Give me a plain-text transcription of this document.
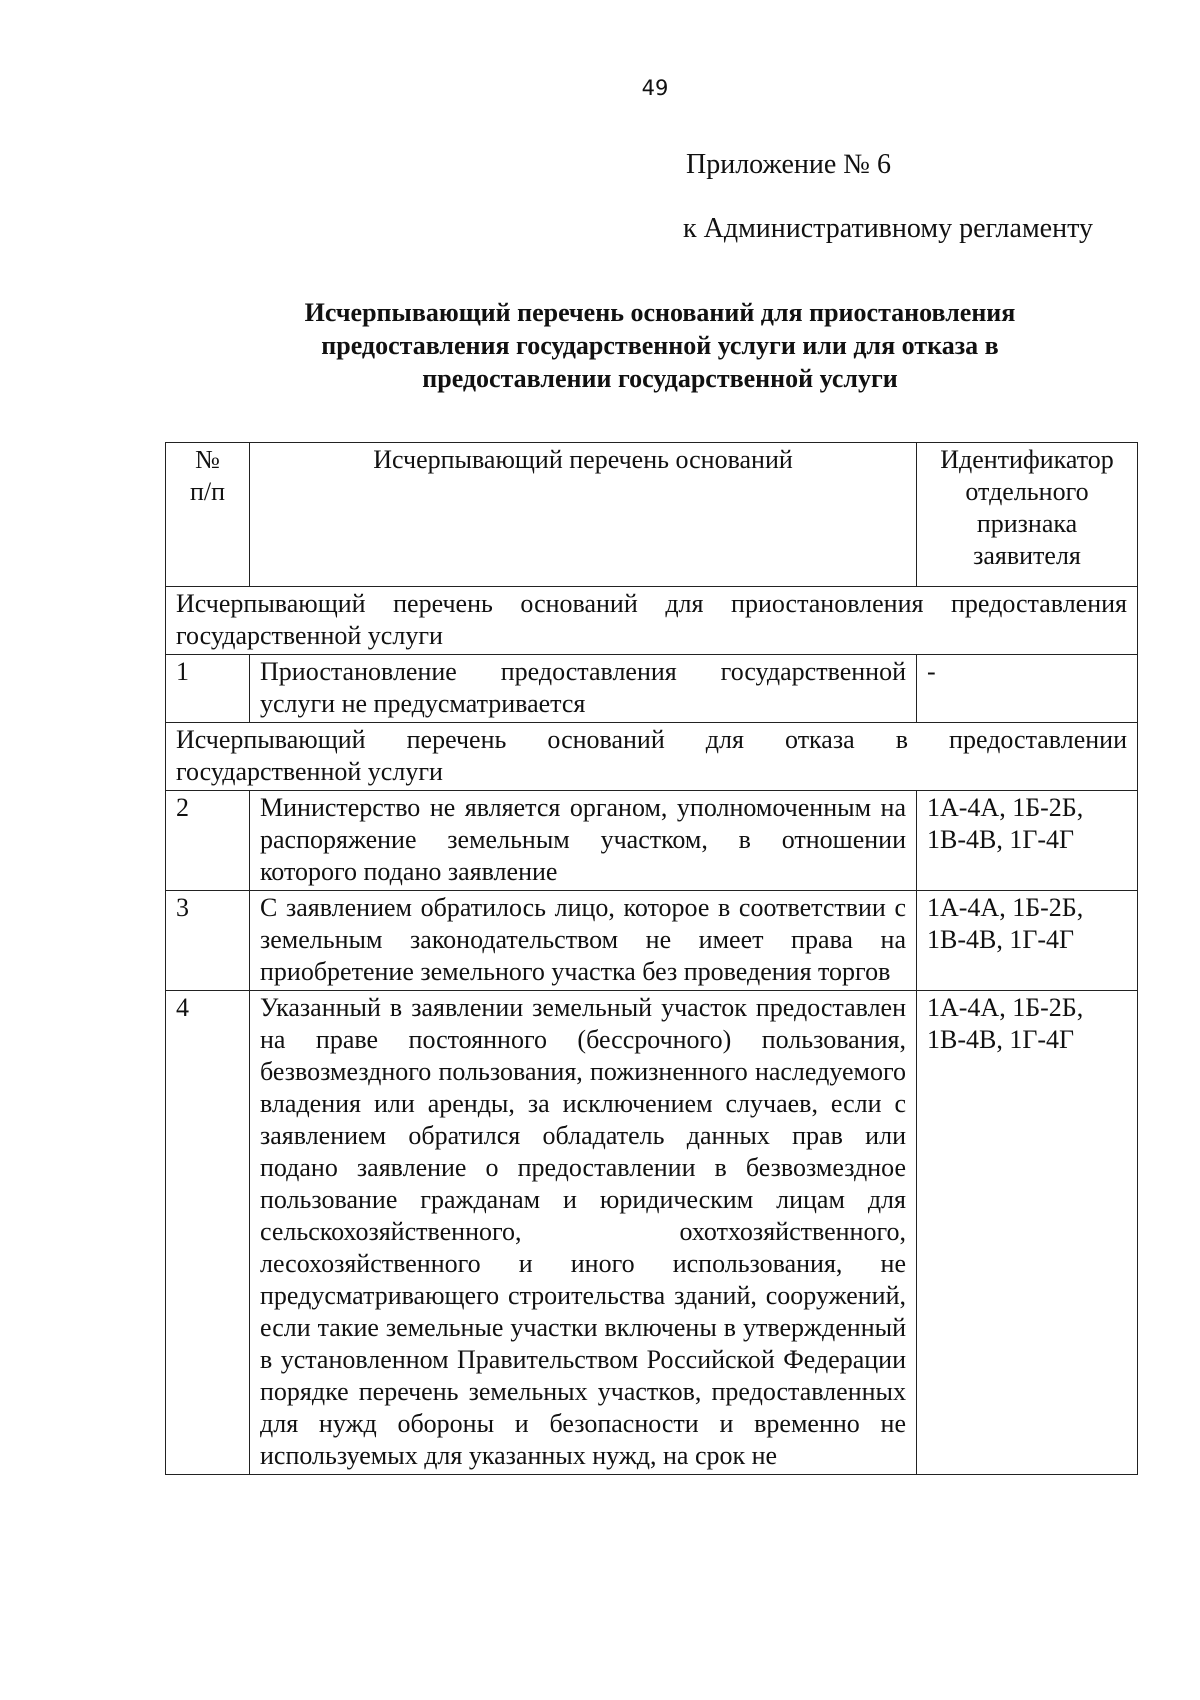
49
Приложение № 6
к Административному регламенту
Исчерпывающий перечень оснований для приостановления
предоставления государственной услуги или для отказа в
предоставлении государственной услуги
№
п/п	Исчерпывающий перечень оснований	Идентификатор отдельного признака заявителя
Исчерпывающий перечень оснований для приостановления предоставления
государственной услуги		

1	Приостановление предоставления государственной услуги не предусматривается	-
Исчерпывающий перечень оснований для отказа в предоставлении
государственной услуги		

2	Министерство не является органом, уполномоченным на распоряжение земельным участком, в отношении которого подано заявление	1А-4А, 1Б-2Б, 1В-4В, 1Г-4Г
3	С заявлением обратилось лицо, которое в соответствии с земельным законодательством не имеет права на приобретение земельного участка без проведения торгов	1А-4А, 1Б-2Б, 1В-4В, 1Г-4Г
4	Указанный в заявлении земельный участок предоставлен на праве постоянного (бессрочного) пользования, безвозмездного пользования, пожизненного наследуемого владения или аренды, за исключением случаев, если с заявлением обратился обладатель данных прав или подано заявление о предоставлении в безвозмездное пользование гражданам и юридическим лицам для сельскохозяйственного, охотхозяйственного, лесохозяйственного и иного использования, не предусматривающего строительства зданий, сооружений, если такие земельные участки включены в утвержденный в установленном Правительством Российской Федерации порядке перечень земельных участков, предоставленных для нужд обороны и безопасности и временно не используемых для указанных нужд, на срок не	1А-4А, 1Б-2Б, 1В-4В, 1Г-4Г
